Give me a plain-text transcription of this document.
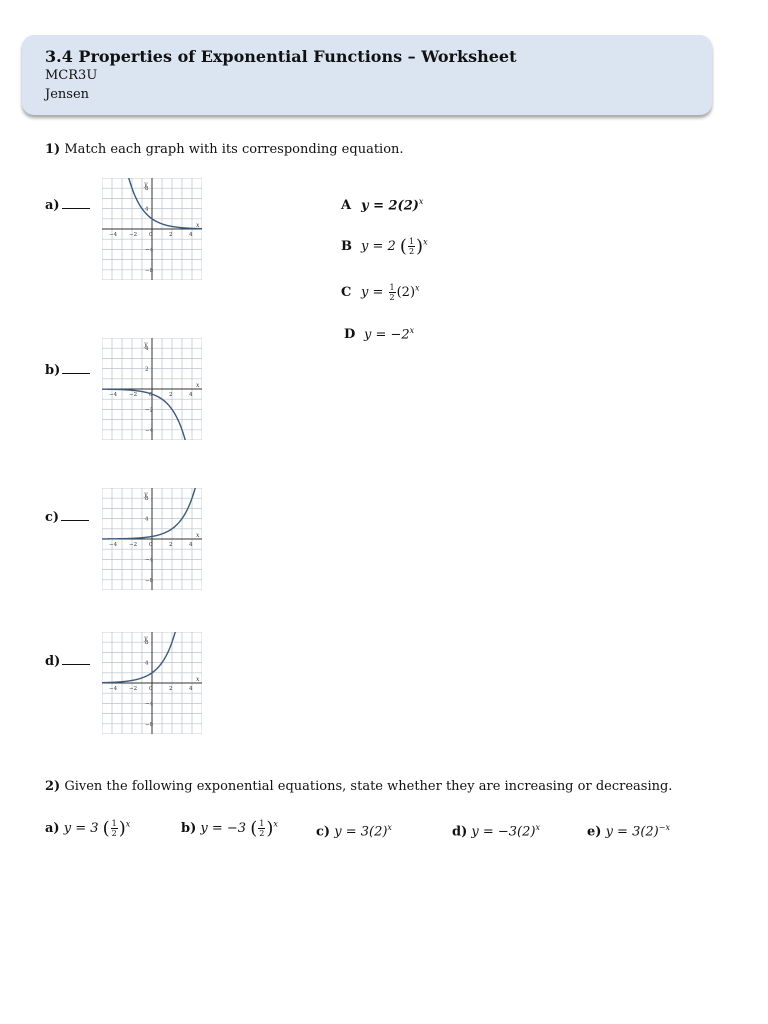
3.4 Properties of Exponential Functions – Worksheet
MCR3U
Jensen
1) Match each graph with its corresponding equation.
a)
b)
c)
d)
y
x
−4 −2 0	2	4
8
4
−4
−8
y
x
−4 −2 0	2	4
4
2
−2
−4
y
x
−4 −2 0	2	4
8
4
−4
−8
y
x
−4 −2 0	2	4
8
4
−4
−8
A $y = 2(2)^x$
B y = 2 ( $\frac{1}{2} )^x$
C $y = \frac{1}{2} (2)^x$
D $y = -2^x$
2) Given the following exponential equations, state whether they are increasing or decreasing.
a) y = 3 ( $\frac{1}{2} )^x$	b) y = −3 ( $\frac{1}{2} )^x$
c) $y = 3(2)^x$	d) $y = -3(2)^x$	e) $y = 3(2)^{-x}$
